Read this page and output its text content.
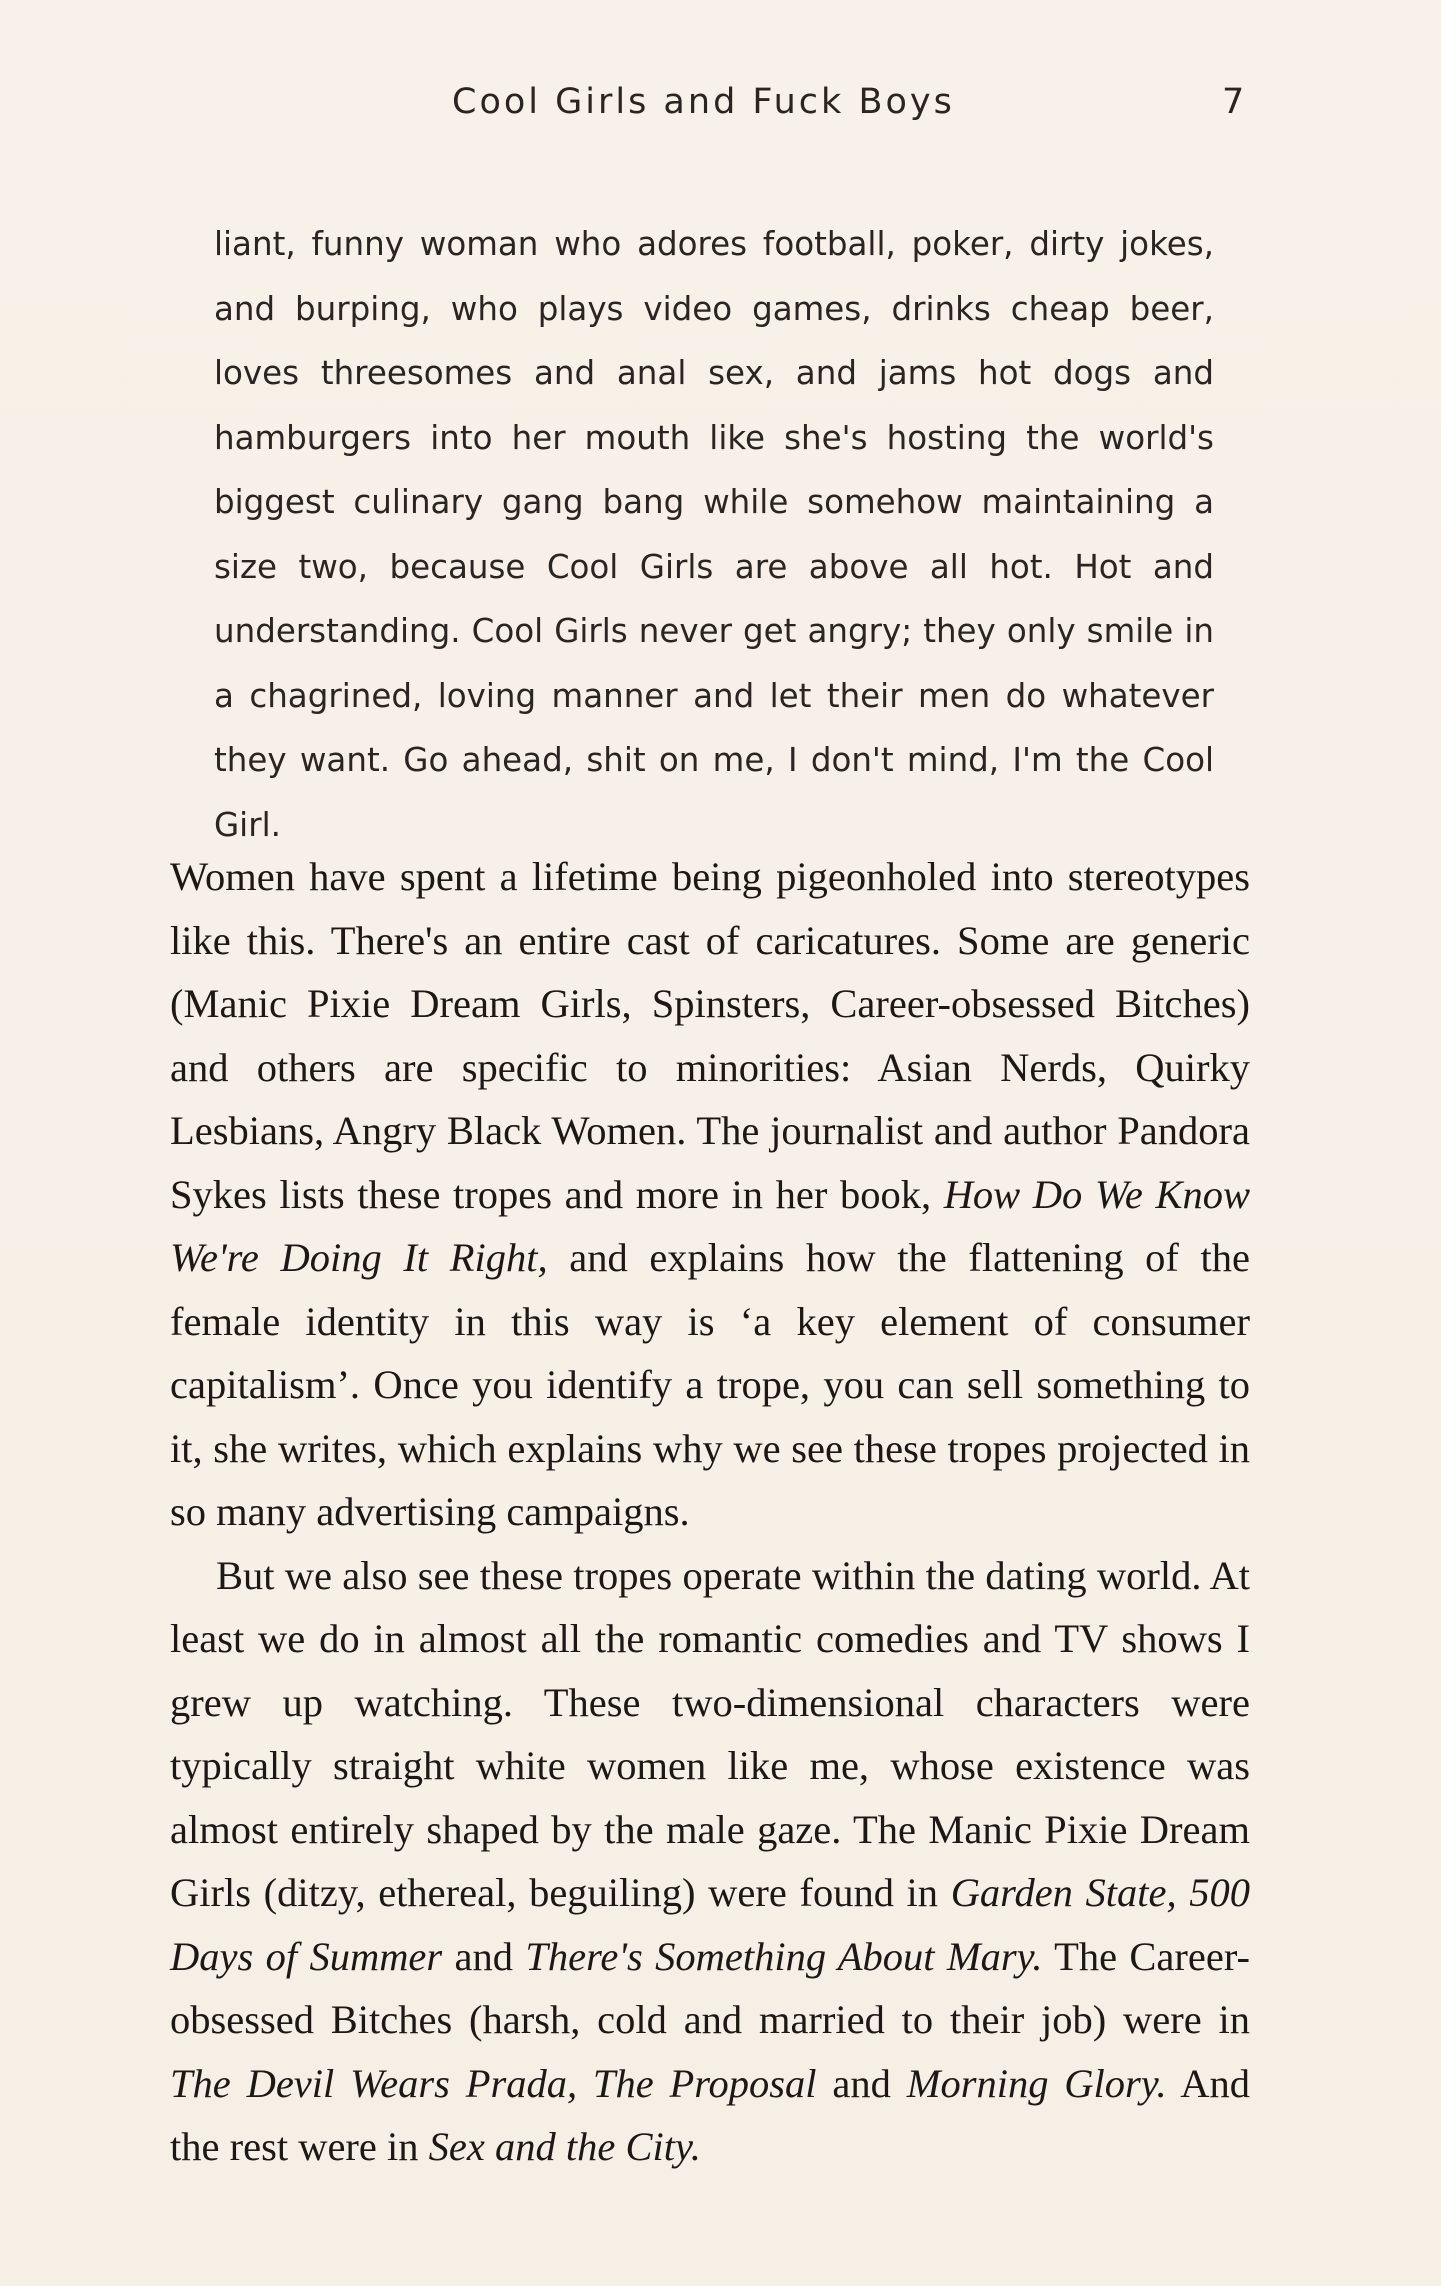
Cool Girls and Fuck Boys	7

liant, funny woman who adores football, poker, dirty jokes, and burping, who plays video games, drinks cheap beer, loves threesomes and anal sex, and jams hot dogs and hamburgers into her mouth like she's hosting the world's biggest culinary gang bang while somehow maintaining a size two, because Cool Girls are above all hot. Hot and understanding. Cool Girls never get angry; they only smile in a chagrined, loving manner and let their men do whatever they want. Go ahead, shit on me, I don't mind, I'm the Cool Girl.

Women have spent a lifetime being pigeonholed into stereotypes like this. There's an entire cast of caricatures. Some are generic (Manic Pixie Dream Girls, Spinsters, Career-obsessed Bitches) and others are specific to minorities: Asian Nerds, Quirky Lesbians, Angry Black Women. The journalist and author Pandora Sykes lists these tropes and more in her book, How Do We Know We're Doing It Right, and explains how the flattening of the female identity in this way is ‘a key element of consumer capitalism’. Once you identify a trope, you can sell something to it, she writes, which explains why we see these tropes projected in so many advertising campaigns.

But we also see these tropes operate within the dating world. At least we do in almost all the romantic comedies and TV shows I grew up watching. These two-dimensional characters were typically straight white women like me, whose existence was almost entirely shaped by the male gaze. The Manic Pixie Dream Girls (ditzy, ethereal, beguiling) were found in Garden State, 500 Days of Summer and There's Something About Mary. The Career-obsessed Bitches (harsh, cold and married to their job) were in The Devil Wears Prada, The Proposal and Morning Glory. And the rest were in Sex and the City.
